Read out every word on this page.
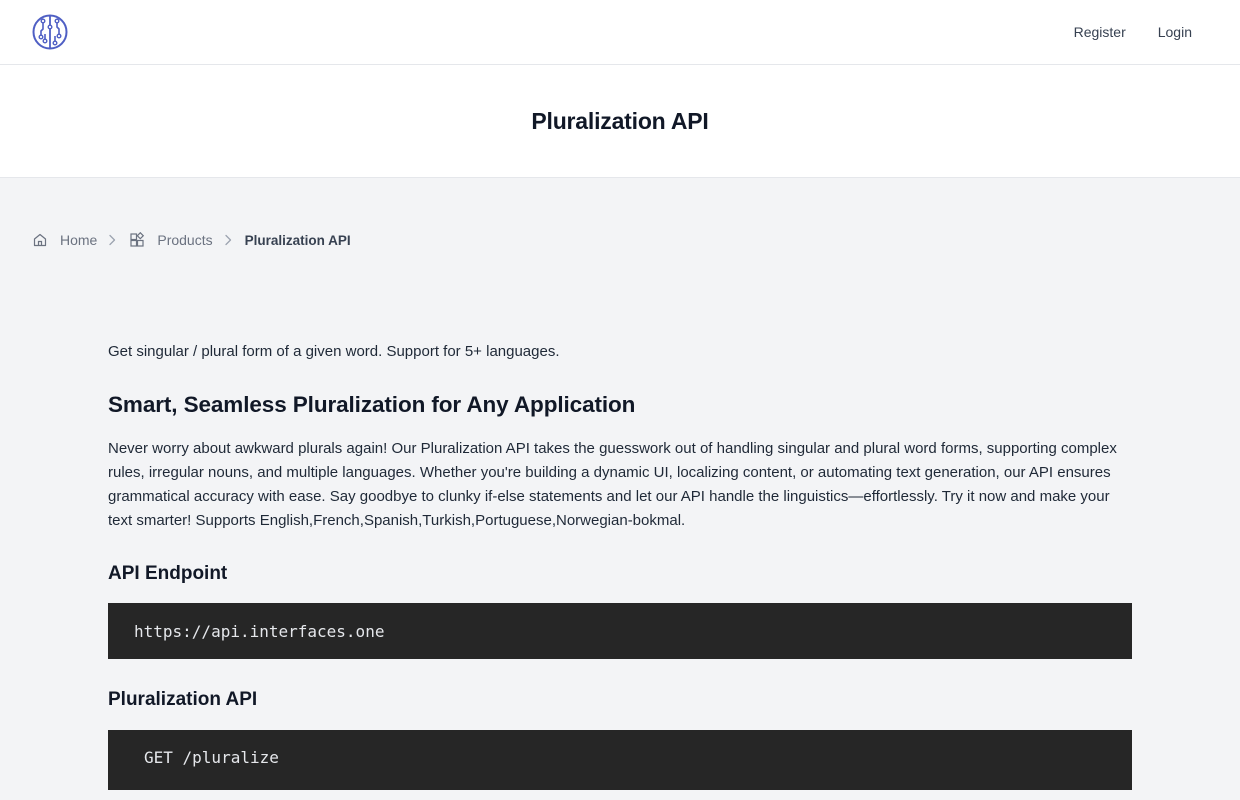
Register Login
Pluralization API
Home	Products Pluralization API

Get singular / plural form of a given word. Support for 5+ languages.

Smart, Seamless Pluralization for Any Application

Never worry about awkward plurals again! Our Pluralization API takes the guesswork out of handling singular and plural word forms, supporting complex rules, irregular nouns, and multiple languages. Whether you're building a dynamic UI, localizing content, or automating text generation, our API ensures grammatical accuracy with ease. Say goodbye to clunky if-else statements and let our API handle the linguistics—effortlessly. Try it now and make your text smarter! Supports English,French,Spanish,Turkish,Portuguese,Norwegian-bokmal.

API Endpoint
https://api.interfaces.one
Pluralization API
GET /pluralize
